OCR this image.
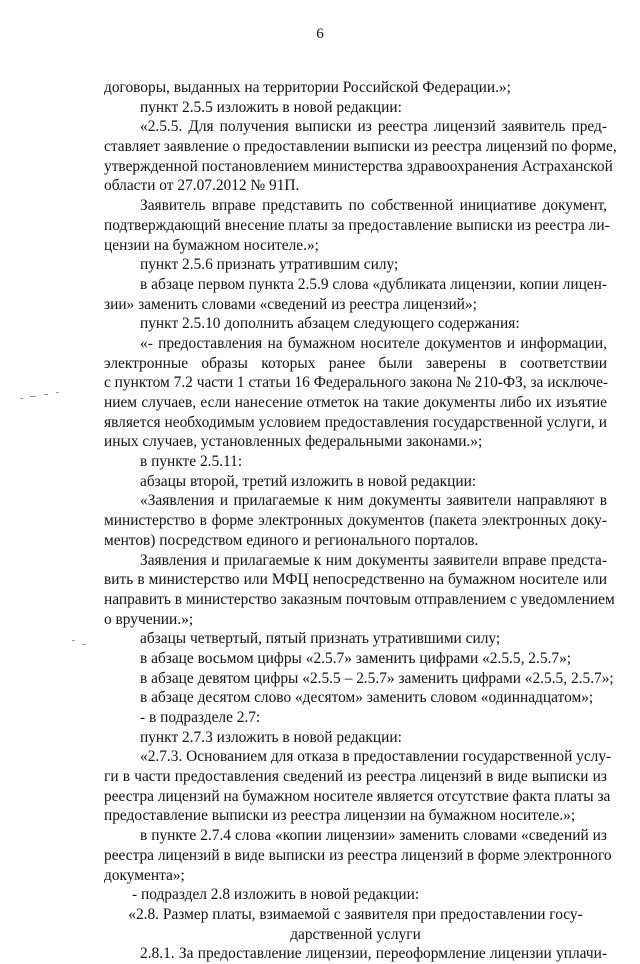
6
договоры, выданных на территории Российской Федерации.»;
пункт 2.5.5 изложить в новой редакции:
«2.5.5. Для получения выписки из реестра лицензий заявитель пред-
ставляет заявление о предоставлении выписки из реестра лицензий по форме,
утвержденной постановлением министерства здравоохранения Астраханской
области от 27.07.2012 № 91П.
Заявитель вправе представить по собственной инициативе документ,
подтверждающий внесение платы за предоставление выписки из реестра ли-
цензии на бумажном носителе.»;
пункт 2.5.6 признать утратившим силу;
в абзаце первом пункта 2.5.9 слова «дубликата лицензии, копии лицен-
зии» заменить словами «сведений из реестра лицензий»;
пункт 2.5.10 дополнить абзацем следующего содержания:
«- предоставления на бумажном носителе документов и информации,
электронные образы которых ранее были заверены в соответствии
с пунктом 7.2 части 1 статьи 16 Федерального закона № 210-ФЗ, за исключе-
нием случаев, если нанесение отметок на такие документы либо их изъятие
является необходимым условием предоставления государственной услуги, и
иных случаев, установленных федеральными законами.»;
в пункте 2.5.11:
абзацы второй, третий изложить в новой редакции:
«Заявления и прилагаемые к ним документы заявители направляют в
министерство в форме электронных документов (пакета электронных доку-
ментов) посредством единого и регионального порталов.
Заявления и прилагаемые к ним документы заявители вправе предста-
вить в министерство или МФЦ непосредственно на бумажном носителе или
направить в министерство заказным почтовым отправлением с уведомлением
о вручении.»;
абзацы четвертый, пятый признать утратившими силу;
в абзаце восьмом цифры «2.5.7» заменить цифрами «2.5.5, 2.5.7»;
в абзаце девятом цифры «2.5.5 – 2.5.7» заменить цифрами «2.5.5, 2.5.7»;
в абзаце десятом слово «десятом» заменить словом «одиннадцатом»;
- в подразделе 2.7:
пункт 2.7.3 изложить в новой редакции:
«2.7.3. Основанием для отказа в предоставлении государственной услу-
ги в части предоставления сведений из реестра лицензий в виде выписки из
реестра лицензий на бумажном носителе является отсутствие факта платы за
предоставление выписки из реестра лицензии на бумажном носителе.»;
в пункте 2.7.4 слова «копии лицензии» заменить словами «сведений из
реестра лицензий в виде выписки из реестра лицензий в форме электронного
документа»;
- подраздел 2.8 изложить в новой редакции:
«2.8. Размер платы, взимаемой с заявителя при предоставлении госу-
дарственной услуги
2.8.1. За предоставление лицензии, переоформление лицензии уплачи-
